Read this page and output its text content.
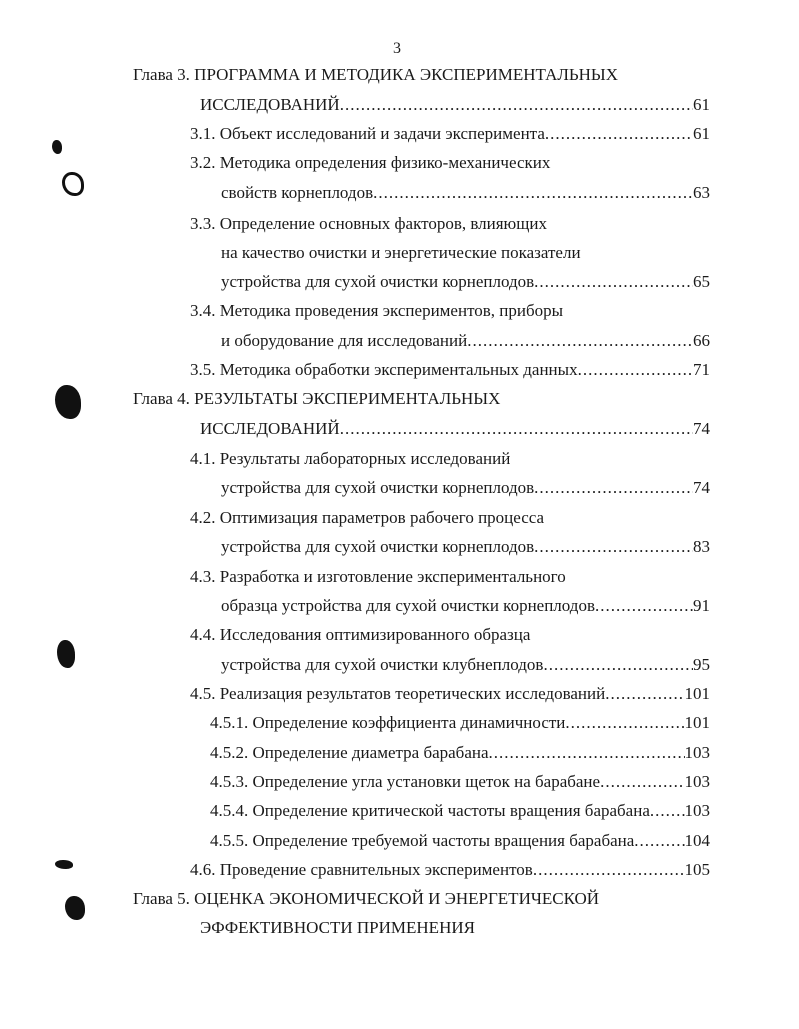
3
Глава 3. ПРОГРАММА И МЕТОДИКА ЭКСПЕРИМЕНТАЛЬНЫХ
ИССЛЕДОВАНИЙ .....	61
3.1. Объект исследований и задачи эксперимента .....	61
3.2. Методика определения физико-механических
свойств корнеплодов .....	63
3.3. Определение основных факторов, влияющих
на качество очистки и энергетические показатели
устройства для сухой очистки корнеплодов .....	65
3.4. Методика проведения экспериментов, приборы
и оборудование для исследований .....	66
3.5. Методика обработки экспериментальных данных .....	71
Глава 4. РЕЗУЛЬТАТЫ ЭКСПЕРИМЕНТАЛЬНЫХ
ИССЛЕДОВАНИЙ .....	74
4.1. Результаты лабораторных исследований
устройства для сухой очистки корнеплодов .....	74
4.2. Оптимизация параметров рабочего процесса
устройства для сухой очистки корнеплодов .....	83
4.3. Разработка и изготовление экспериментального
образца устройства для сухой очистки корнеплодов .....	91
4.4. Исследования оптимизированного образца
устройства для сухой очистки клубнеплодов .....	95
4.5. Реализация результатов теоретических исследований .....	101
4.5.1. Определение коэффициента динамичности .....	101
4.5.2. Определение диаметра барабана .....	103
4.5.3. Определение угла установки щеток на барабане .....	103
4.5.4. Определение критической частоты вращения барабана ..... 103
4.5.5. Определение требуемой частоты вращения барабана .....	104
4.6. Проведение сравнительных экспериментов .....	105
Глава 5. ОЦЕНКА ЭКОНОМИЧЕСКОЙ И ЭНЕРГЕТИЧЕСКОЙ
ЭФФЕКТИВНОСТИ ПРИМЕНЕНИЯ
